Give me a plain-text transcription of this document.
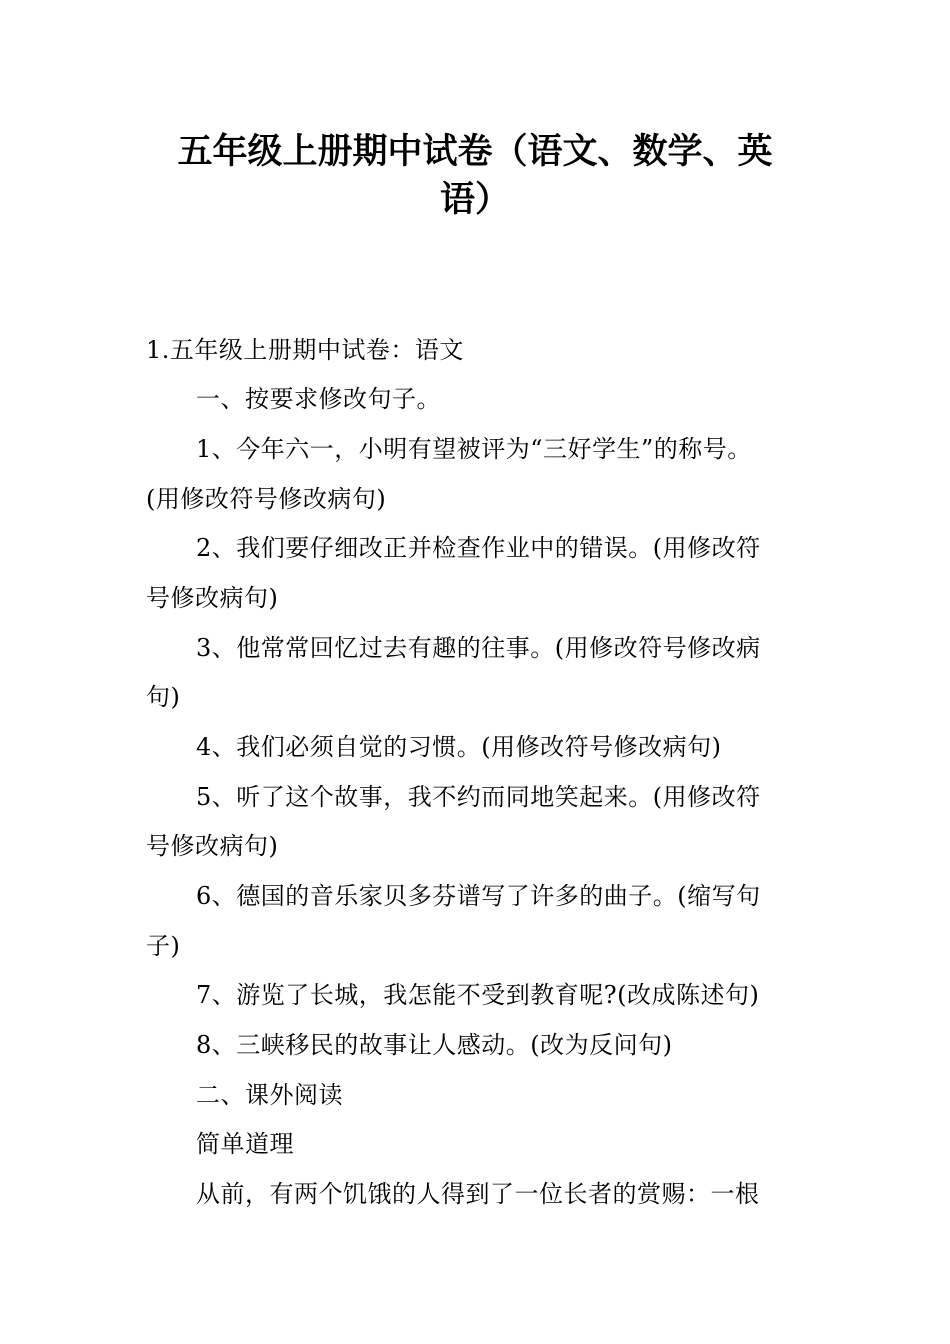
五年级上册期中试卷（语文、数学、英
语）
1.五年级上册期中试卷：语文
一、按要求修改句子。
1、今年六一，小明有望被评为“三好学生”的称号。
(用修改符号修改病句)
2、我们要仔细改正并检查作业中的错误。(用修改符
号修改病句)
3、他常常回忆过去有趣的往事。(用修改符号修改病
句)
4、我们必须自觉的习惯。(用修改符号修改病句)
5、听了这个故事，我不约而同地笑起来。(用修改符
号修改病句)
6、德国的音乐家贝多芬谱写了许多的曲子。(缩写句
子)
7、游览了长城，我怎能不受到教育呢?(改成陈述句)
8、三峡移民的故事让人感动。(改为反问句)
二、课外阅读
简单道理
从前，有两个饥饿的人得到了一位长者的赏赐：一根
